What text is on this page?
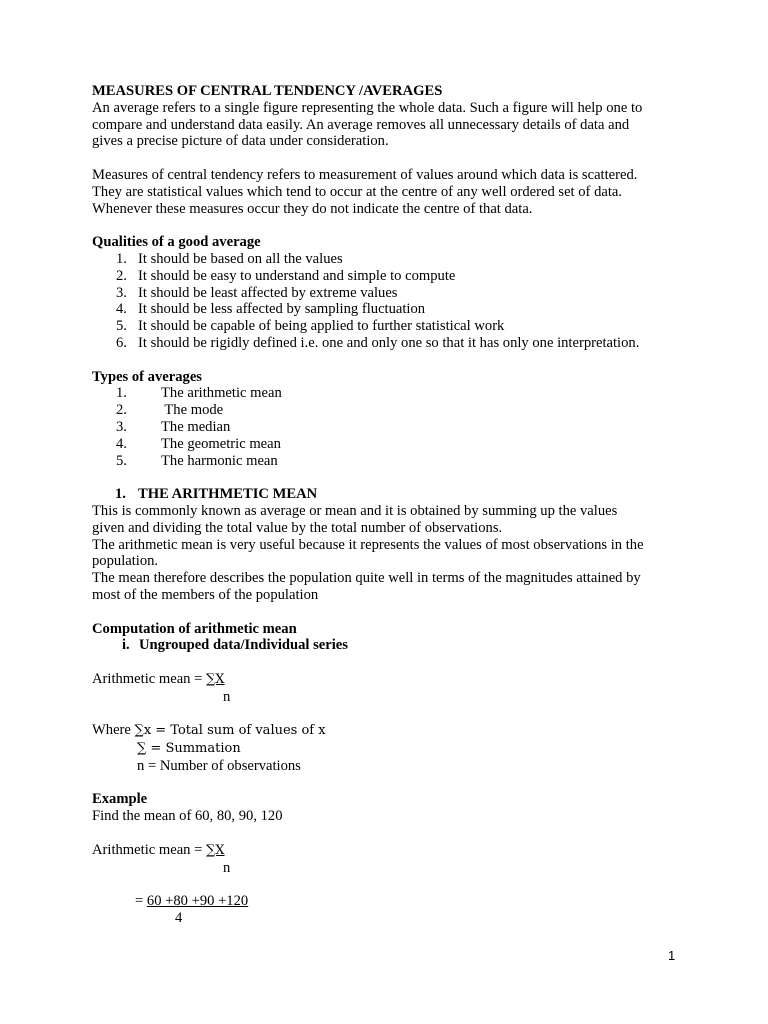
MEASURES OF CENTRAL TENDENCY /AVERAGES

An average refers to a single figure representing the whole data. Such a figure will help one to

compare and understand data easily. An average removes all unnecessary details of data and

gives a precise picture of data under consideration.

Measures of central tendency refers to measurement of values around which data is scattered.

They are statistical values which tend to occur at the centre of any well ordered set of data.

Whenever these measures occur they do not indicate the centre of that data.

Qualities of a good average

1. It should be based on all the values
2. It should be easy to understand and simple to compute
3. It should be least affected by extreme values
4. It should be less affected by sampling fluctuation
5. It should be capable of being applied to further statistical work
6. It should be rigidly defined i.e. one and only one so that it has only one interpretation.

Types of averages

1. The arithmetic mean
2. The mode
3. The median
4. The geometric mean
5. The harmonic mean

1. THE ARITHMETIC MEAN

This is commonly known as average or mean and it is obtained by summing up the values

given and dividing the total value by the total number of observations.

The arithmetic mean is very useful because it represents the values of most observations in the

population.

The mean therefore describes the population quite well in terms of the magnitudes attained by

most of the members of the population

Computation of arithmetic mean

i. Ungrouped data/Individual series

Arithmetic mean = ∑X

n

Where ∑x = Total sum of values of x

∑ = Summation

n = Number of observations

Example

Find the mean of 60, 80, 90, 120

Arithmetic mean = ∑X

n

= 60 +80 +90 +120

4

1
